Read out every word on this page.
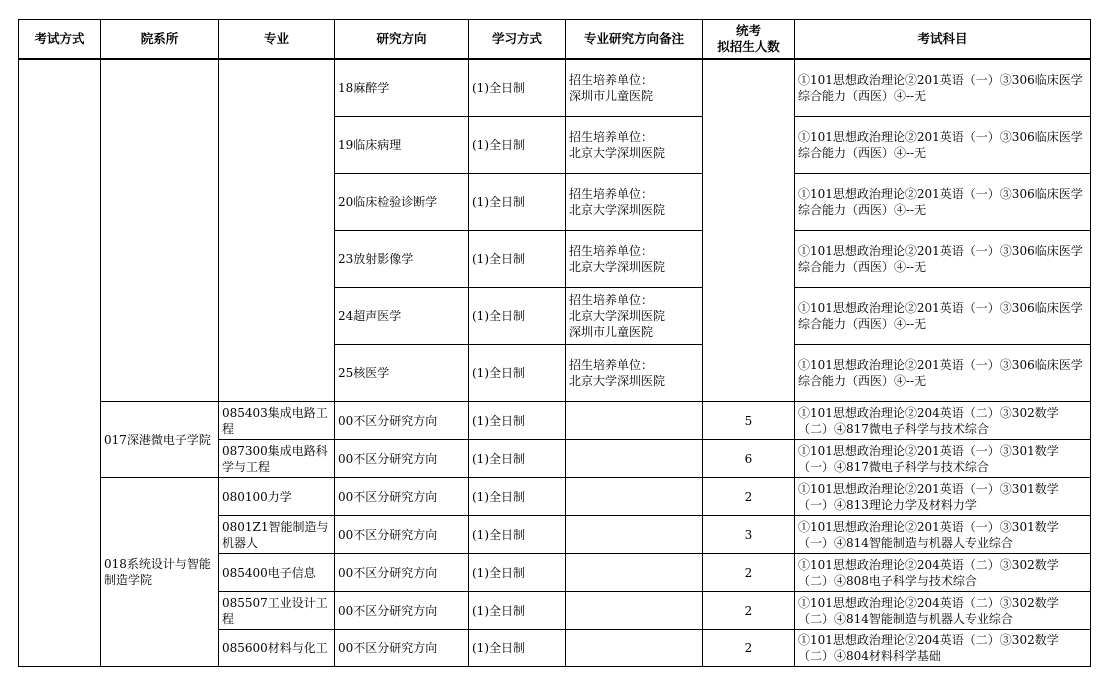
考试方式	院系所	专业	研究方向	学习方式	专业研究方向备注	统考
拟招生人数	考试科目
			18麻醉学	(1)全日制	招生培养单位：
深圳市儿童医院		①101思想政治理论②201英语（一）③306临床医学综合能力（西医）④--无
			19临床病理	(1)全日制	招生培养单位：
北京大学深圳医院		①101思想政治理论②201英语（一）③306临床医学综合能力（西医）④--无
			20临床检验诊断学	(1)全日制	招生培养单位：
北京大学深圳医院		①101思想政治理论②201英语（一）③306临床医学综合能力（西医）④--无
			23放射影像学	(1)全日制	招生培养单位：
北京大学深圳医院		①101思想政治理论②201英语（一）③306临床医学综合能力（西医）④--无
			24超声医学	(1)全日制	招生培养单位：
北京大学深圳医院
深圳市儿童医院		①101思想政治理论②201英语（一）③306临床医学综合能力（西医）④--无
			25核医学	(1)全日制	招生培养单位：
北京大学深圳医院		①101思想政治理论②201英语（一）③306临床医学综合能力（西医）④--无
	017深港微电子学院	085403集成电路工程	00不区分研究方向	(1)全日制		5	①101思想政治理论②204英语（二）③302数学（二）④817微电子科学与技术综合
		087300集成电路科学与工程	00不区分研究方向	(1)全日制		6	①101思想政治理论②201英语（一）③301数学（一）④817微电子科学与技术综合
	018系统设计与智能制造学院	080100力学	00不区分研究方向	(1)全日制		2	①101思想政治理论②201英语（一）③301数学（一）④813理论力学及材料力学
		0801Z1智能制造与机器人	00不区分研究方向	(1)全日制		3	①101思想政治理论②201英语（一）③301数学（一）④814智能制造与机器人专业综合
		085400电子信息	00不区分研究方向	(1)全日制		2	①101思想政治理论②204英语（二）③302数学（二）④808电子科学与技术综合
		085507工业设计工程	00不区分研究方向	(1)全日制		2	①101思想政治理论②204英语（二）③302数学（二）④814智能制造与机器人专业综合
		085600材料与化工	00不区分研究方向	(1)全日制		2	①101思想政治理论②204英语（二）③302数学（二）④804材料科学基础
